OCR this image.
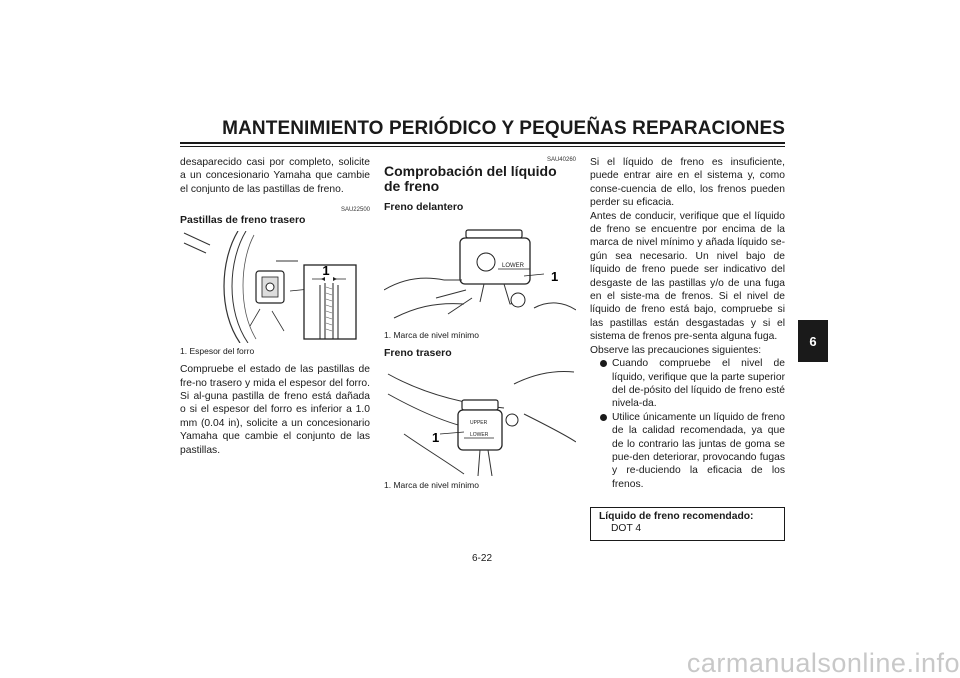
MANTENIMIENTO PERIÓDICO Y PEQUEÑAS REPARACIONES
6

desaparecido casi por completo, solicite a un concesionario Yamaha que cambie el conjunto de las pastillas de freno.

SAU22500
Pastillas de freno trasero
1
1. Espesor del forro

Compruebe el estado de las pastillas de fre-no trasero y mida el espesor del forro. Si al-guna pastilla de freno está dañada o si el espesor del forro es inferior a 1.0 mm (0.04 in), solicite a un concesionario Yamaha que cambie el conjunto de las pastillas.

SAU40260
Comprobación del líquido de freno
Freno delantero
LOWER
1
1. Marca de nivel mínimo
Freno trasero
UPPER
LOWER
1
1. Marca de nivel mínimo

Si el líquido de freno es insuficiente, puede entrar aire en el sistema y, como conse-cuencia de ello, los frenos pueden perder su eficacia.

Antes de conducir, verifique que el líquido de freno se encuentre por encima de la marca de nivel mínimo y añada líquido se-gún sea necesario. Un nivel bajo de líquido de freno puede ser indicativo del desgaste de las pastillas y/o de una fuga en el siste-ma de frenos. Si el nivel de líquido de freno está bajo, compruebe si las pastillas están desgastadas y si el sistema de frenos pre-senta alguna fuga.

Observe las precauciones siguientes:

Cuando compruebe el nivel de líquido, verifique que la parte superior del de-pósito del líquido de freno esté nivela-da.
Utilice únicamente un líquido de freno de la calidad recomendada, ya que de lo contrario las juntas de goma se pue-den deteriorar, provocando fugas y re-duciendo la eficacia de los frenos.
Líquido de freno recomendado:
DOT 4
6-22
carmanualsonline.info
